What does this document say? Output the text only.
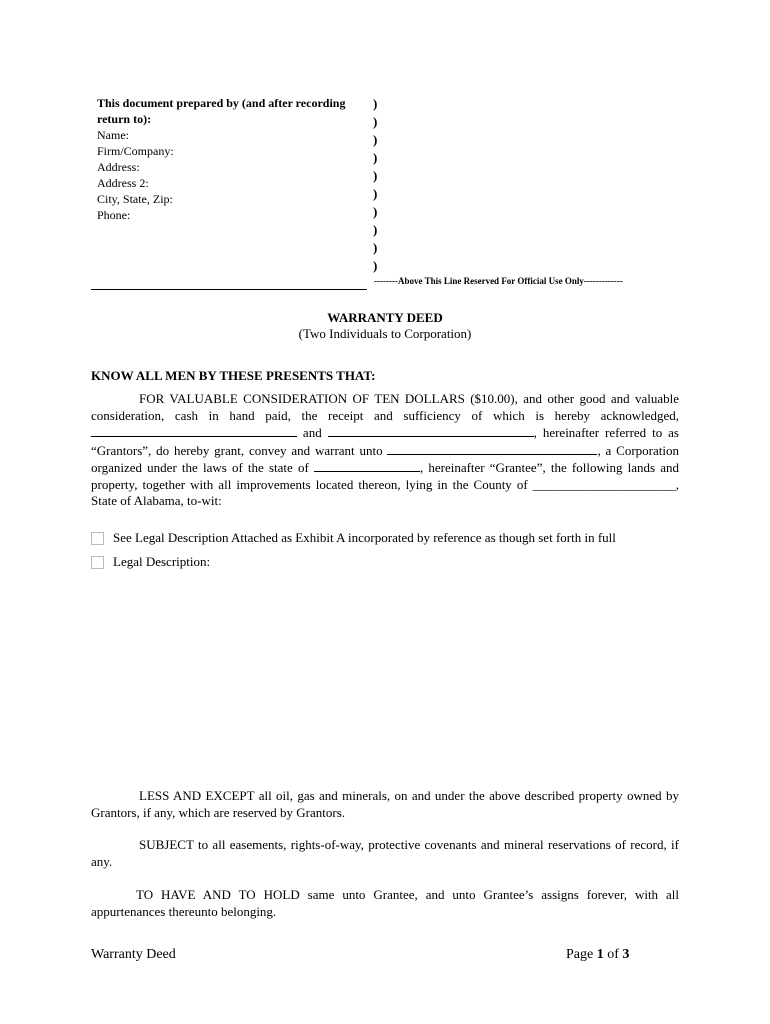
This document prepared by (and after recording return to):
Name:
Firm/Company:
Address:
Address 2:
City, State, Zip:
Phone:
)
)
)
)
)
)
)
)
)
)
--------Above This Line Reserved For Official Use Only-------------
WARRANTY DEED
(Two Individuals to Corporation)
KNOW ALL MEN BY THESE PRESENTS THAT:
FOR VALUABLE CONSIDERATION OF TEN DOLLARS ($10.00), and other good and valuable consideration, cash in hand paid, the receipt and sufficiency of which is hereby acknowledged,  and	, hereinafter referred to as “Grantors”, do hereby grant, convey and warrant unto	, a Corporation organized under the laws of the state of	, hereinafter “Grantee”, the following lands and property, together with all improvements located thereon, lying in the County of ______________________, State of Alabama, to-wit:
See Legal Description Attached as Exhibit A incorporated by reference as though set forth in full
Legal Description:
LESS AND EXCEPT all oil, gas and minerals, on and under the above described property owned by Grantors, if any, which are reserved by Grantors.
SUBJECT to all easements, rights-of-way, protective covenants and mineral reservations of record, if any.
TO HAVE AND TO HOLD same unto Grantee, and unto Grantee’s assigns forever, with all appurtenances thereunto belonging.
Warranty Deed	Page 1 of 3
